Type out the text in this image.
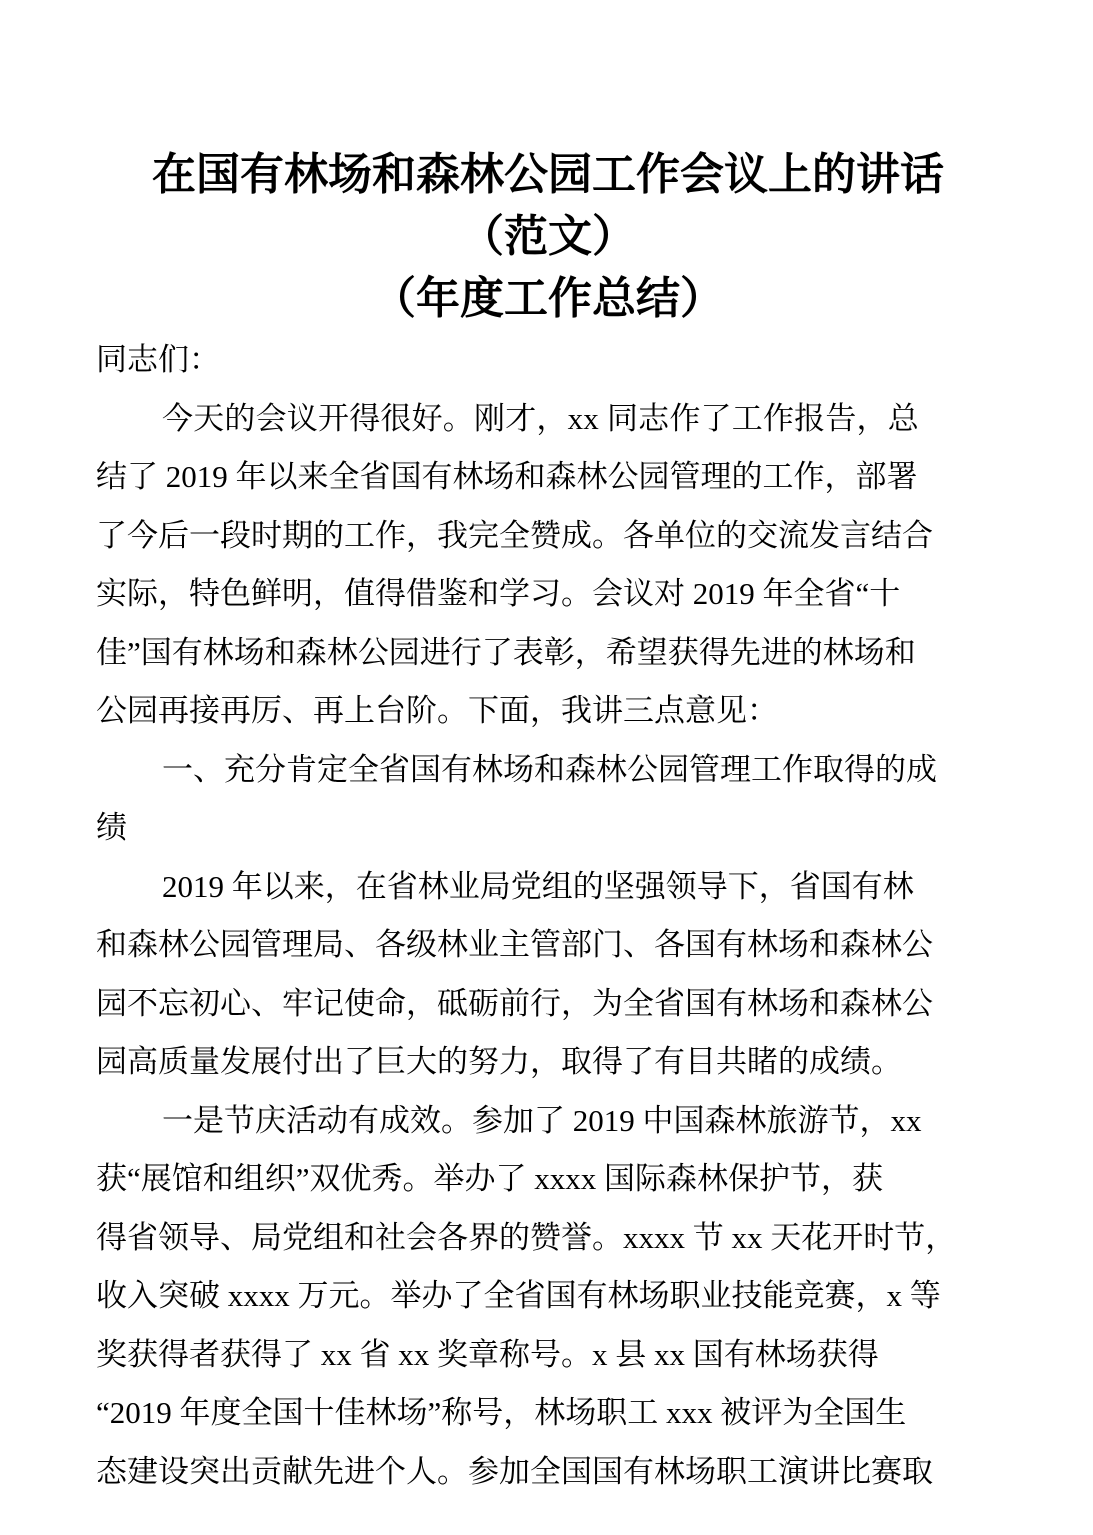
在国有林场和森林公园工作会议上的讲话
（范文）
（年度工作总结）
同志们：
今天的会议开得很好。刚才，xx 同志作了工作报告，总
结了 2019 年以来全省国有林场和森林公园管理的工作，部署
了今后一段时期的工作，我完全赞成。各单位的交流发言结合
实际，特色鲜明，值得借鉴和学习。会议对 2019 年全省“十
佳”国有林场和森林公园进行了表彰，希望获得先进的林场和
公园再接再厉、再上台阶。下面，我讲三点意见：
一、充分肯定全省国有林场和森林公园管理工作取得的成
绩
2019 年以来，在省林业局党组的坚强领导下，省国有林
和森林公园管理局、各级林业主管部门、各国有林场和森林公
园不忘初心、牢记使命，砥砺前行，为全省国有林场和森林公
园高质量发展付出了巨大的努力，取得了有目共睹的成绩。
一是节庆活动有成效。参加了 2019 中国森林旅游节，xx
获“展馆和组织”双优秀。举办了 xxxx 国际森林保护节，获
得省领导、局党组和社会各界的赞誉。xxxx 节 xx 天花开时节，
收入突破 xxxx 万元。举办了全省国有林场职业技能竞赛，x 等
奖获得者获得了 xx 省 xx 奖章称号。x 县 xx 国有林场获得
“2019 年度全国十佳林场”称号，林场职工 xxx 被评为全国生
态建设突出贡献先进个人。参加全国国有林场职工演讲比赛取
